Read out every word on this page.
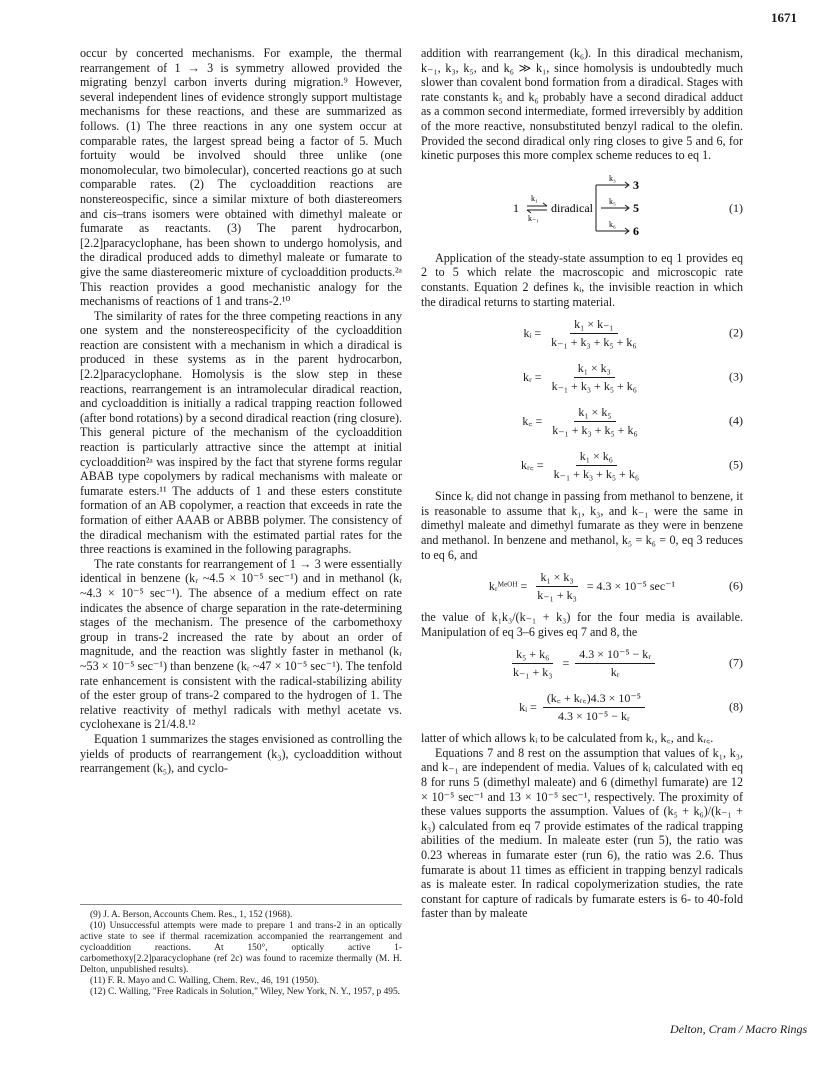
1671

occur by concerted mechanisms. For example, the thermal rearrangement of 1 → 3 is symmetry allowed provided the migrating benzyl carbon inverts during migration.⁹ However, several independent lines of evidence strongly support multistage mechanisms for these reactions, and these are summarized as follows. (1) The three reactions in any one system occur at comparable rates, the largest spread being a factor of 5. Much fortuity would be involved should three unlike (one monomolecular, two bimolecular), concerted reactions go at such comparable rates. (2) The cycloaddition reactions are nonstereospecific, since a similar mixture of both diastereomers and cis–trans isomers were obtained with dimethyl maleate or fumarate as reactants. (3) The parent hydrocarbon, [2.2]paracyclophane, has been shown to undergo homolysis, and the diradical produced adds to dimethyl maleate or fumarate to give the same diastereomeric mixture of cycloaddition products.²ᵃ This reaction provides a good mechanistic analogy for the mechanisms of reactions of 1 and trans-2.¹⁰

The similarity of rates for the three competing reactions in any one system and the nonstereospecificity of the cycloaddition reaction are consistent with a mechanism in which a diradical is produced in these systems as in the parent hydrocarbon, [2.2]paracyclophane. Homolysis is the slow step in these reactions, rearrangement is an intramolecular diradical reaction, and cycloaddition is initially a radical trapping reaction followed (after bond rotations) by a second diradical reaction (ring closure). This general picture of the mechanism of the cycloaddition reaction is particularly attractive since the attempt at initial cycloaddition²ᵃ was inspired by the fact that styrene forms regular ABAB type copolymers by radical mechanisms with maleate or fumarate esters.¹¹ The adducts of 1 and these esters constitute formation of an AB copolymer, a reaction that exceeds in rate the formation of either AAAB or ABBB polymer. The consistency of the diradical mechanism with the estimated partial rates for the three reactions is examined in the following paragraphs.

The rate constants for rearrangement of 1 → 3 were essentially identical in benzene (kᵣ ~4.5 × 10⁻⁵ sec⁻¹) and in methanol (kᵣ ~4.3 × 10⁻⁵ sec⁻¹). The absence of a medium effect on rate indicates the absence of charge separation in the rate-determining stages of the mechanism. The presence of the carbomethoxy group in trans-2 increased the rate by about an order of magnitude, and the reaction was slightly faster in methanol (kᵣ ~53 × 10⁻⁵ sec⁻¹) than benzene (kᵣ ~47 × 10⁻⁵ sec⁻¹). The tenfold rate enhancement is consistent with the radical-stabilizing ability of the ester group of trans-2 compared to the hydrogen of 1. The relative reactivity of methyl radicals with methyl acetate vs. cyclohexane is 21/4.8.¹²

Equation 1 summarizes the stages envisioned as controlling the yields of products of rearrangement (k₃), cycloaddition without rearrangement (k₅), and cyclo-

(9) J. A. Berson, Accounts Chem. Res., 1, 152 (1968).
(10) Unsuccessful attempts were made to prepare 1 and trans-2 in an optically active state to see if thermal racemization accompanied the rearrangement and cycloaddition reactions. At 150°, optically active 1-carbomethoxy[2.2]paracyclophane (ref 2c) was found to racemize thermally (M. H. Delton, unpublished results).
(11) F. R. Mayo and C. Walling, Chem. Rev., 46, 191 (1950).
(12) C. Walling, "Free Radicals in Solution," Wiley, New York, N. Y., 1957, p 495.

addition with rearrangement (k₆). In this diradical mechanism, k₋₁, k₃, k₅, and k₆ ≫ k₁, since homolysis is undoubtedly much slower than covalent bond formation from a diradical. Stages with rate constants k₅ and k₆ probably have a second diradical adduct as a common second intermediate, formed irreversibly by addition of the more reactive, nonsubstituted benzyl radical to the olefin. Provided the second diradical only ring closes to give 5 and 6, for kinetic purposes this more complex scheme reduces to eq 1.

1
k₁
k₋₁
diradical
k₃ 3
k₅ 5
k₆ 6
(1)

Application of the steady-state assumption to eq 1 provides eq 2 to 5 which relate the macroscopic and microscopic rate constants. Equation 2 defines kᵢ, the invisible reaction in which the diradical returns to starting material.

kᵢ = $\frac{\text{k₁ × k₋₁}}{\text{k₋₁ + k₃ + k₅ + k₆}}$	(2)
kᵣ = $\frac{\text{k₁ × k₃}}{\text{k₋₁ + k₃ + k₅ + k₆}}$	(3)
k꜀ = $\frac{\text{k₁ × k₅}}{\text{k₋₁ + k₃ + k₅ + k₆}}$	(4)
kᵣ꜀ = $\frac{\text{k₁ × k₆}}{\text{k₋₁ + k₃ + k₅ + k₆}}$	(5)

Since kᵣ did not change in passing from methanol to benzene, it is reasonable to assume that k₁, k₃, and k₋₁ were the same in dimethyl maleate and dimethyl fumarate as they were in benzene and methanol. In benzene and methanol, k₅ = k₆ = 0, eq 3 reduces to eq 6, and

kᵣᴹᵉᴼᴴ = $\frac{\text{k₁ × k₃}}{\text{k₋₁ + k₃}} = 4.3 \times 10^{-5}$ sec⁻¹	(6)

the value of k₁k₃/(k₋₁ + k₃) for the four media is available. Manipulation of eq 3–6 gives eq 7 and 8, the

$\frac{\text{k₅ + k₆}}{\text{k₋₁ + k₃}} = \frac{\text{4.3 × 10⁻⁵ − kᵣ}}{\text{kᵣ}}$	(7)
kᵢ = $\frac{\text{(k꜀ + kᵣ꜀)4.3 × 10⁻⁵}}{\text{4.3 × 10⁻⁵ − kᵣ}}$	(8)

latter of which allows kᵢ to be calculated from kᵣ, k꜀, and kᵣ꜀.

Equations 7 and 8 rest on the assumption that values of k₁, k₃, and k₋₁ are independent of media. Values of kᵢ calculated with eq 8 for runs 5 (dimethyl maleate) and 6 (dimethyl fumarate) are 12 × 10⁻⁵ sec⁻¹ and 13 × 10⁻⁵ sec⁻¹, respectively. The proximity of these values supports the assumption. Values of (k₅ + k₆)/(k₋₁ + k₃) calculated from eq 7 provide estimates of the radical trapping abilities of the medium. In maleate ester (run 5), the ratio was 0.23 whereas in fumarate ester (run 6), the ratio was 2.6. Thus fumarate is about 11 times as efficient in trapping benzyl radicals as is maleate ester. In radical copolymerization studies, the rate constant for capture of radicals by fumarate esters is 6- to 40-fold faster than by maleate

Delton, Cram / Macro Rings
